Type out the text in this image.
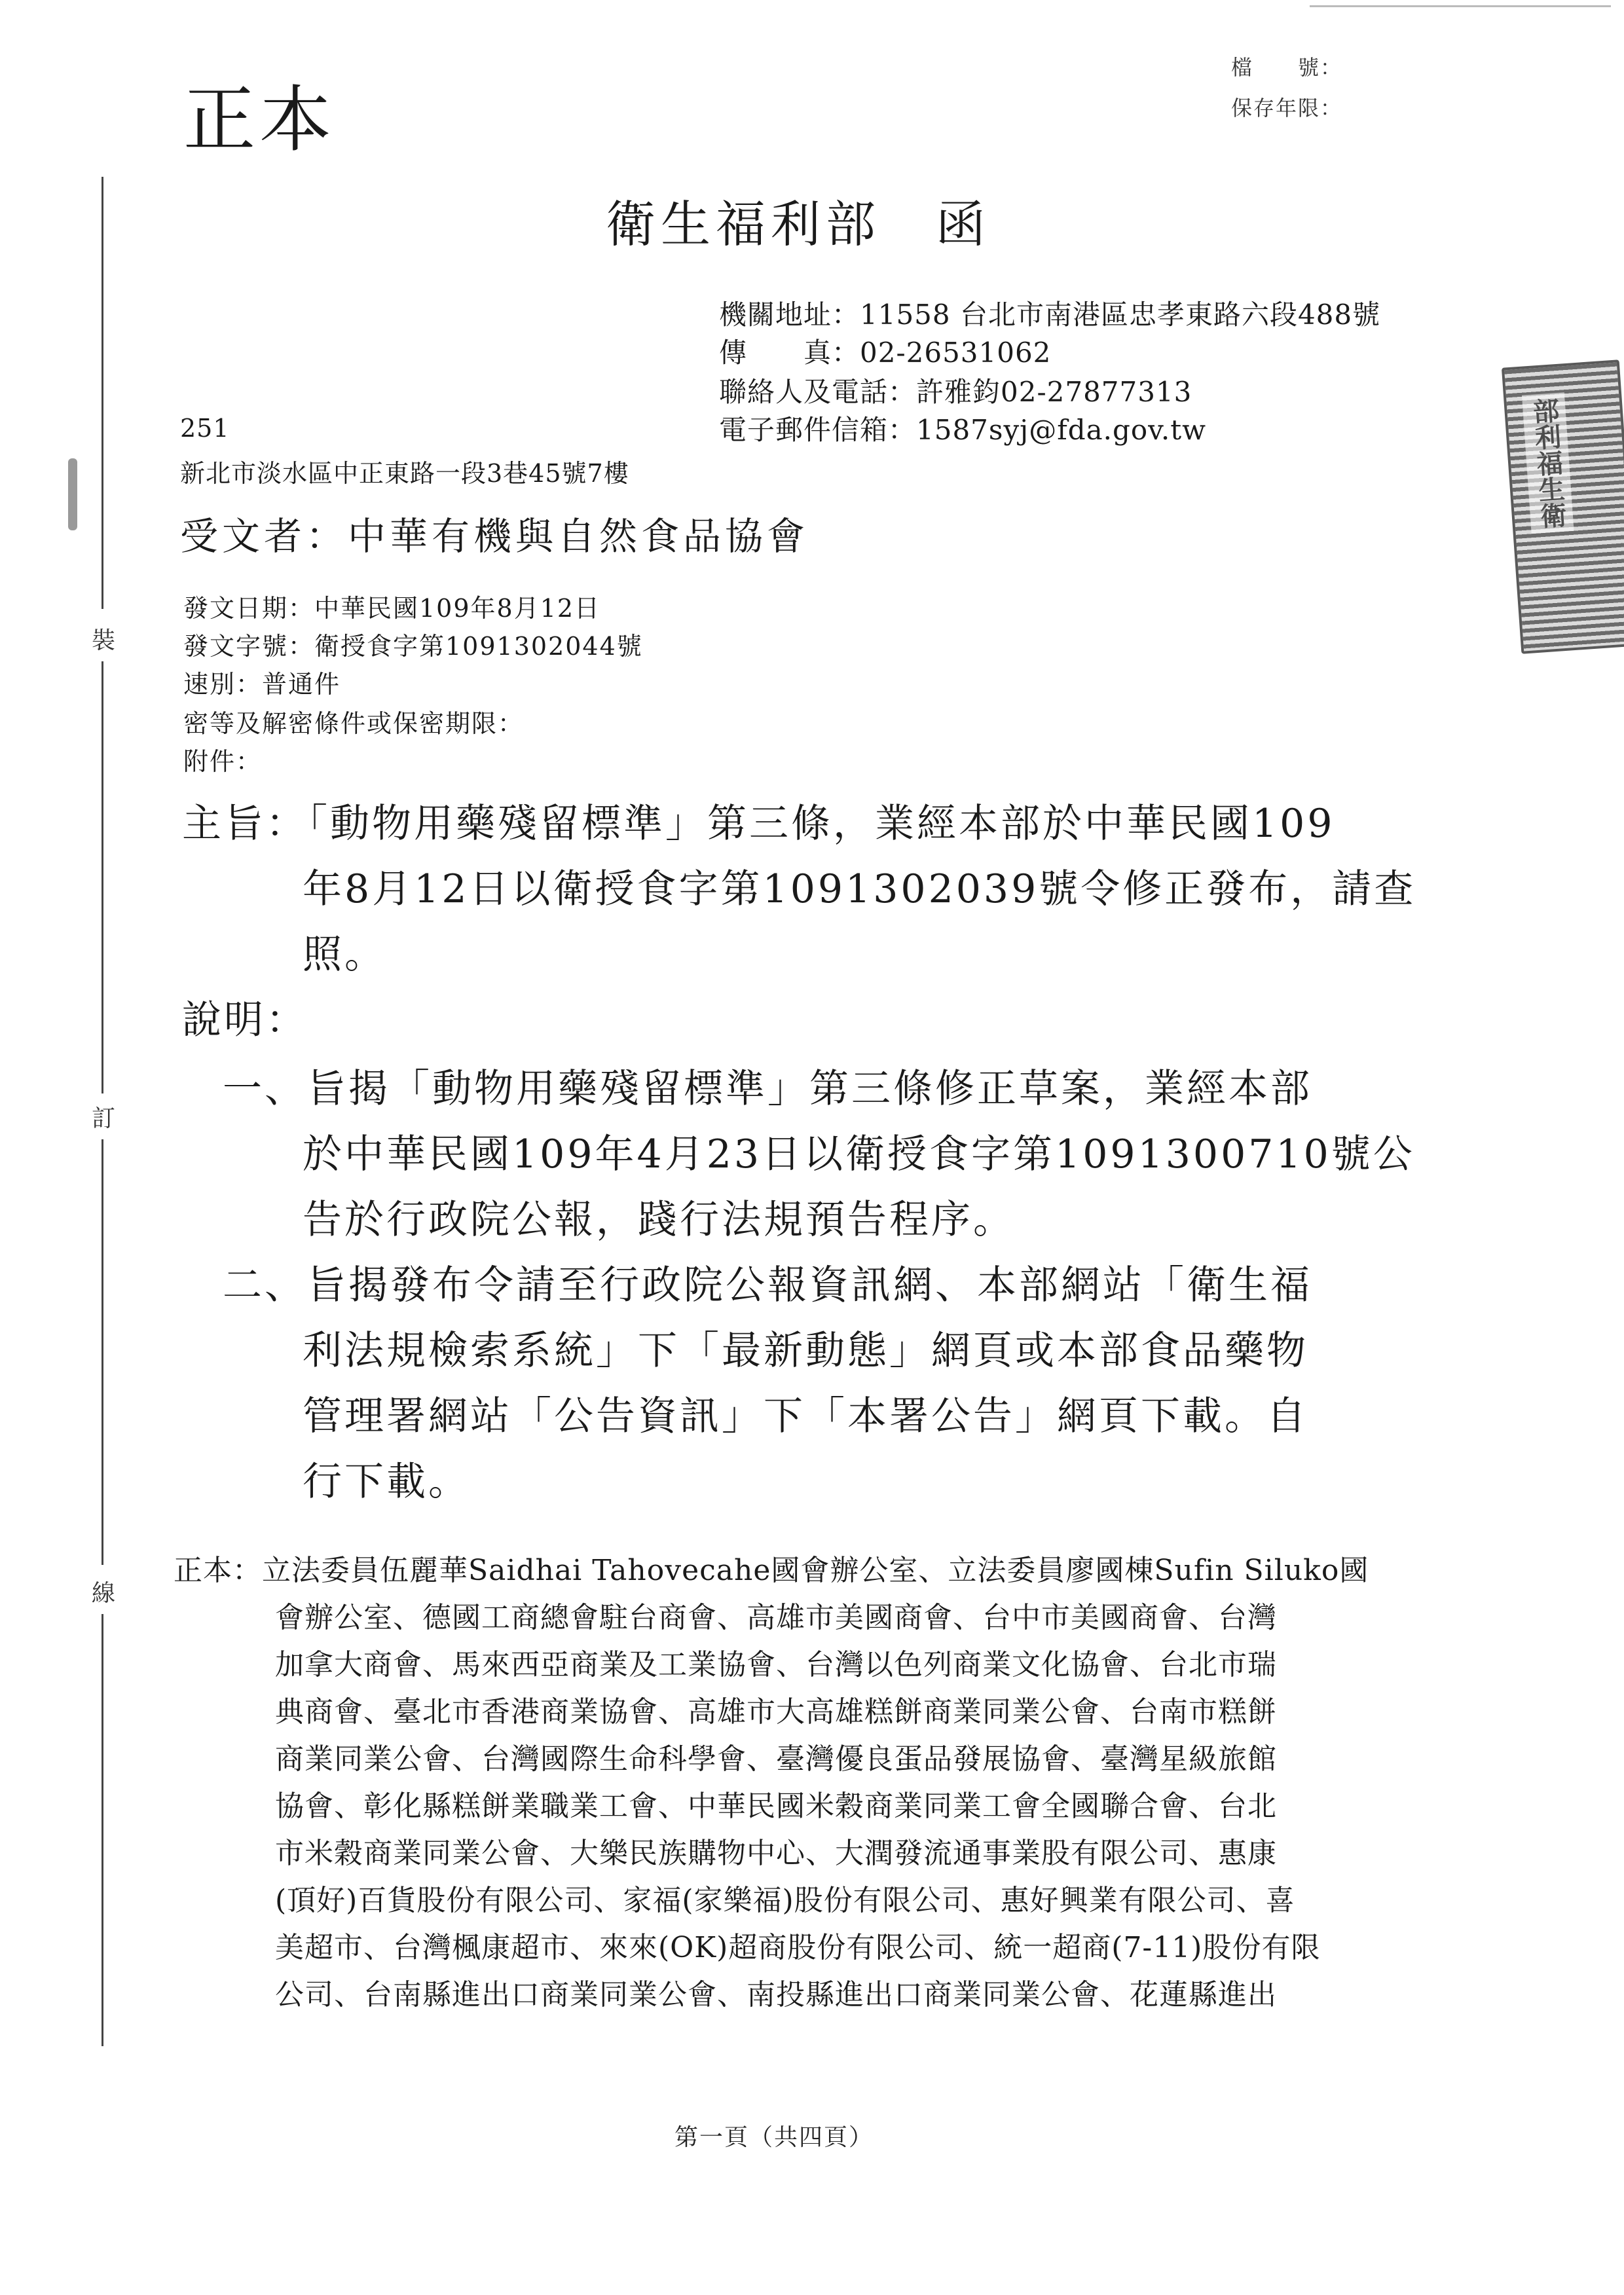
正本
檔　　號：
保存年限：
裝
訂
線
衛生福利部　函
機關地址：11558 台北市南港區忠孝東路六段488號
傳　　真：02-26531062
聯絡人及電話：許雅鈞02-27877313
電子郵件信箱：1587syj@fda.gov.tw
251
新北市淡水區中正東路一段3巷45號7樓
受文者：中華有機與自然食品協會
發文日期：中華民國109年8月12日
發文字號：衛授食字第1091302044號
速別：普通件
密等及解密條件或保密期限：
附件：
主旨：「動物用藥殘留標準」第三條，業經本部於中華民國109
年8月12日以衛授食字第1091302039號令修正發布，請查
照。
說明：
一、旨揭「動物用藥殘留標準」第三條修正草案，業經本部
於中華民國109年4月23日以衛授食字第1091300710號公
告於行政院公報，踐行法規預告程序。
二、旨揭發布令請至行政院公報資訊網、本部網站「衛生福
利法規檢索系統」下「最新動態」網頁或本部食品藥物
管理署網站「公告資訊」下「本署公告」網頁下載。自
行下載。
正本：立法委員伍麗華Saidhai Tahovecahe國會辦公室、立法委員廖國棟Sufin Siluko國
會辦公室、德國工商總會駐台商會、高雄市美國商會、台中市美國商會、台灣
加拿大商會、馬來西亞商業及工業協會、台灣以色列商業文化協會、台北市瑞
典商會、臺北市香港商業協會、高雄市大高雄糕餅商業同業公會、台南市糕餅
商業同業公會、台灣國際生命科學會、臺灣優良蛋品發展協會、臺灣星級旅館
協會、彰化縣糕餅業職業工會、中華民國米穀商業同業工會全國聯合會、台北
市米穀商業同業公會、大樂民族購物中心、大潤發流通事業股有限公司、惠康
(頂好)百貨股份有限公司、家福(家樂福)股份有限公司、惠好興業有限公司、喜
美超市、台灣楓康超市、來來(OK)超商股份有限公司、統一超商(7-11)股份有限
公司、台南縣進出口商業同業公會、南投縣進出口商業同業公會、花蓮縣進出
部利福生衛
第一頁（共四頁）
